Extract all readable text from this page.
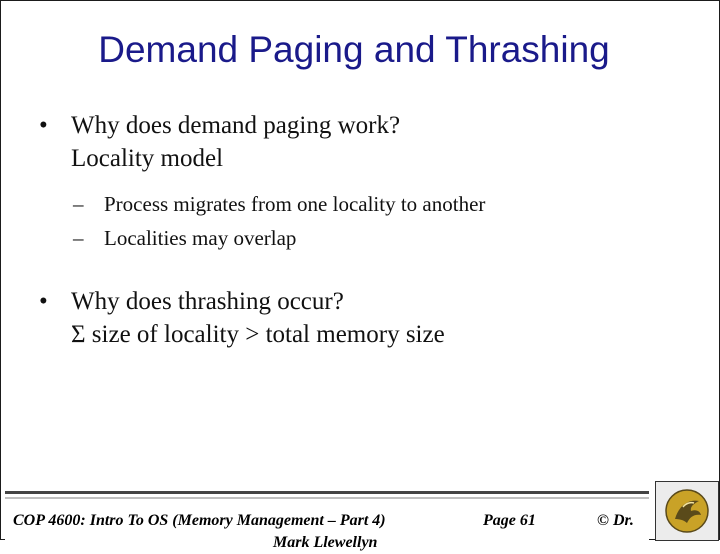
Demand Paging and Thrashing
• Why does demand paging work?
Locality model
– Process migrates from one locality to another
– Localities may overlap
• Why does thrashing occur?
Σ size of locality > total memory size
COP 4600: Intro To OS (Memory Management – Part 4)	Page 61	© Dr.
Mark Llewellyn
